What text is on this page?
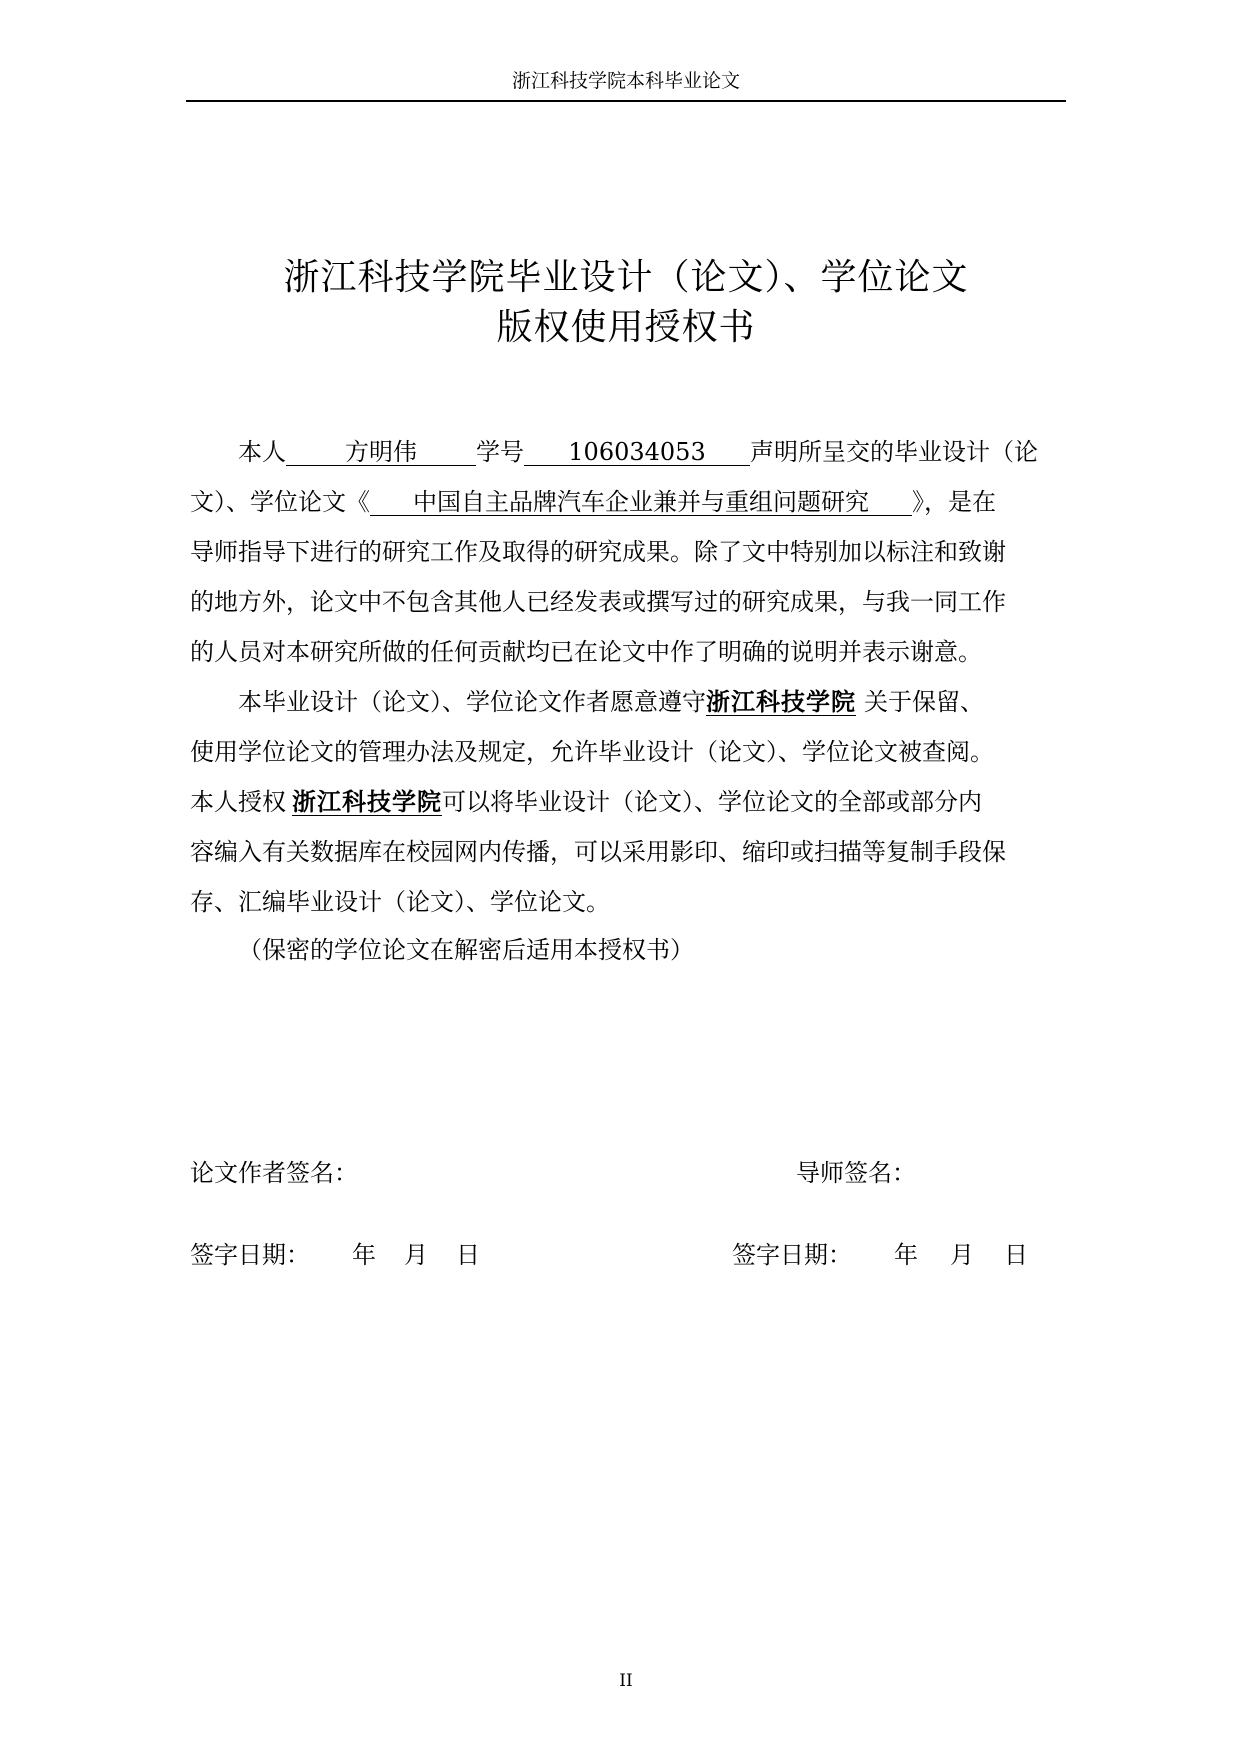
浙江科技学院本科毕业论文
浙江科技学院毕业设计（论文）、学位论文
版权使用授权书

本人 方明伟 学号 106034053 声明所呈交的毕业设计（论

文）、学位论文《 中国自主品牌汽车企业兼并与重组问题研究 》，是在

导师指导下进行的研究工作及取得的研究成果。除了文中特别加以标注和致谢

的地方外，论文中不包含其他人已经发表或撰写过的研究成果，与我一同工作

的人员对本研究所做的任何贡献均已在论文中作了明确的说明并表示谢意。

本毕业设计（论文）、学位论文作者愿意遵守浙江科技学院 关于保留、

使用学位论文的管理办法及规定，允许毕业设计（论文）、学位论文被查阅。

本人授权 浙江科技学院可以将毕业设计（论文）、学位论文的全部或部分内

容编入有关数据库在校园网内传播，可以采用影印、缩印或扫描等复制手段保

存、汇编毕业设计（论文）、学位论文。

（保密的学位论文在解密后适用本授权书）

论文作者签名：	导师签名：
签字日期： 年 月 日	签字日期： 年 月 日
II
